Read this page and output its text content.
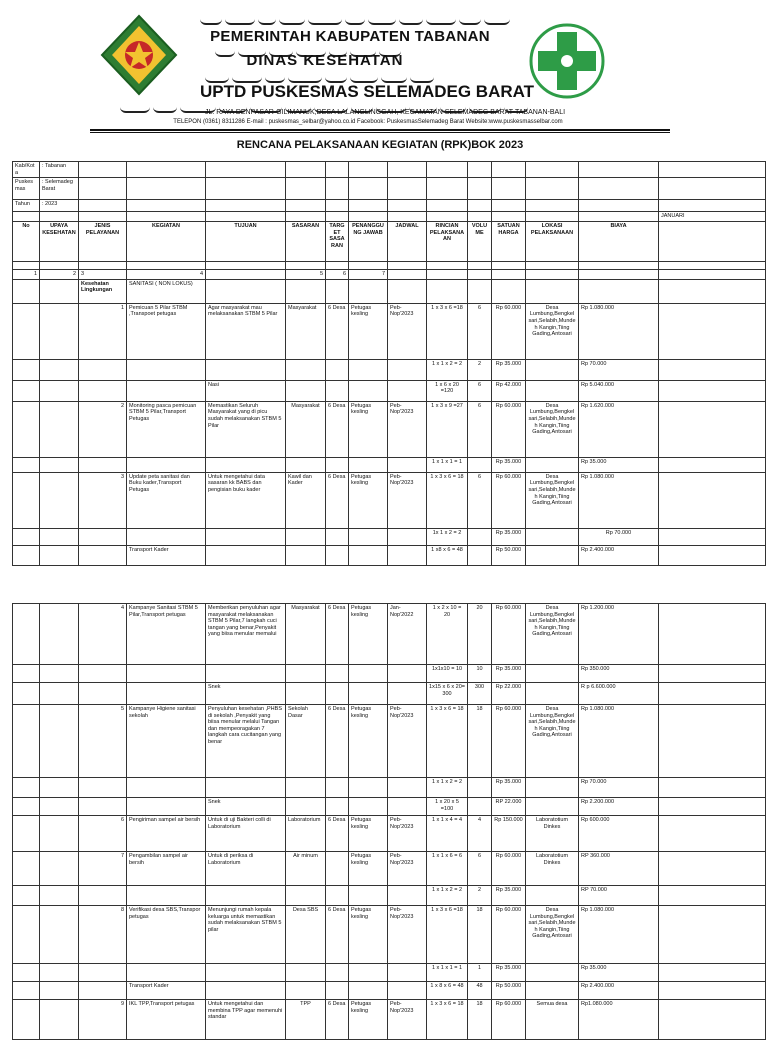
PEMERINTAH KABUPATEN TABANAN
DINAS KESEHATAN
UPTD PUSKESMAS SELEMADEG BARAT
JL. RAYA DENPASAR-GILIMANUK,DESA LALANGLINGGAH, KECAMATAN SELEMADEG BARAT-TABANAN-BALI
TELEPON (0361) 8311286 E-mail : puskesmas_selbar@yahoo.co.id Facebook: PuskesmasSelemadeg Barat Website:www.puskesmasselbar.com
RENCANA PELAKSANAAN KEGIATAN (RPK)BOK 2023
Kab/Kota	: Tabanan													
Puskesmas	: Selemadeg Barat													
Tahun	: 2023													
														JANUARI
No	UPAYA KESEHATAN	JENIS PELAYANAN	KEGIATAN	TUJUAN	SASARAN	TARGET SASARAN	PENANGGUNG JAWAB	JADWAL	RINCIAN PELAKSANAAN	VOLUME	SATUAN HARGA	LOKASI PELAKSANAAN	BIAYA	

1	2	3	4		5	6	7							
		Kesehatan Lingkungan	SANITASI ( NON LOKUS)											
		1	Pemicuan 5 Pilar STBM ,Transpoet petugas	Agar masyarakat mau melaksanakan STBM 5 Pilar	Masyarakat	6 Desa	Petugas kesling	Peb-Nop'2023	1 x 3 x 6 =18	6	Rp 60.000	Desa Lumbung,Bengkel sari,Selabih,Mundeh Kangin,Tiing Gading,Antosari	Rp 1.080.000	
									1 x 1 x 2 = 2	2	Rp 35.000		Rp 70.000	
				Nasi					1 x 6 x 20 =120	6	Rp 42.000		Rp 5.040.000	
		2	Monitoring pasca pemicuan STBM 5 Pilar,Transport Petugas	Memastikan Seluruh Masyarakat yang di picu sudah melaksanakan STBM 5 Pilar	Masyarakat	6 Desa	Petugas kesling	Peb-Nop'2023	1 x 3 x 9 =27	6	Rp 60.000	Desa Lumbung,Bengkel sari,Selabih,Mundeh Kangin,Tiing Gading,Antosari	Rp 1.620.000	
									1 x 1 x 1 = 1		Rp 35.000		Rp 35.000	
		3	Update peta sanitasi dan Buku kader,Transport Petugas	Untuk mengetahui data sasaran kk BABS dan pengisian buku kader	Kawil dan Kader	6 Desa	Petugas kesling	Peb-Nop'2023	1 x 3 x 6 = 18	6	Rp 60.000	Desa Lumbung,Bengkel sari,Selabih,Mundeh Kangin,Tiing Gading,Antosari	Rp 1.080.000	
									1x 1 x 2 = 2		Rp 35.000		Rp 70.000	
			Transport Kader						1 x8 x 6 = 48		Rp 50.000		Rp 2.400.000	
		4	Kampanye Sanitasi STBM 5 Pilar,Transport petugas	Memberikan penyuluhan agar masyarakat melaksanakan STBM 5 Pilar,7 langkah cuci tangan yang benar,Penyakit yang biisa menular memalui	Masyarakat	6 Desa	Petugas kesling	Jan-Nop'2022	1 x 2 x 10 = 20	20	Rp 60.000	Desa Lumbung,Bengkel sari,Selabih,Mundeh Kangin,Tiing Gading,Antosari	Rp 1.200.000	
									1x1x10 = 10	10	Rp 35.000		Rp 350.000	
				Snek					1x15 x 6 x 20= 300	300	Rp 22.000		R p 6.600.000	
		5	Kampanye Higiene sanitasi sekolah	Penyuluhan kesehatan ,PHBS di sekolah ,Penyakit yang biisa menular melalui Tangan dan mempeoragakan 7 langkah cara cucitangan yang benar	Sekolah Dasar	6 Desa	Petugas kesling	Peb-Nop'2023	1 x 3 x 6 = 18	18	Rp 60.000	Desa Lumbung,Bengkel sari,Selabih,Mundeh Kangin,Tiing Gading,Antosari	Rp 1.080.000	
									1 x 1 x 2 = 2		Rp 35.000		Rp 70.000	
				Snek					1 x 20 x 5 =100		RP 22.000		Rp 2.200.000	
		6	Pengiriman sampel air bersih	Untuk di uji Bakteri colli di Laboratorium	Laboratorium	6 Desa	Petugas kesling	Peb-Nop'2023	1 x 1 x 4 = 4	4	Rp 150.000	Laboratotium Dinkes	Rp 600.000	
		7	Pengambilan sampel air bersih	Untuk di periksa di Laboratorium	Air minum		Petugas kesling	Peb-Nop'2023	1 x 1 x 6 = 6	6	Rp 60.000	Laboratotium Dinkes	RP 360.000	
									1 x 1 x 2 = 2	2	Rp 35.000		RP 70.000	
		8	Verifikasi desa SBS,Transpor petugas	Menunjungi rumah kepala keluarga untuk memastikan sudah melaksanakan STBM 5 pilar	Desa SBS	6 Desa	Petugas kesling	Peb-Nop'2023	1 x 3 x 6 =18	18	Rp 60.000	Desa Lumbung,Bengkel sari,Selabih,Mundeh Kangin,Tiing Gading,Antosari	Rp 1.080.000	
									1 x 1 x 1 = 1	1	Rp 35.000		Rp 35.000	
			Transport Kader						1 x 8 x 6 = 48	48	Rp 50.000		Rp 2.400.000	
		9	IKL TPP,Transport petugas	Untuk mengetahui dan membina TPP agar memenuhi standar	TPP	6 Desa	Petugas kesling	Peb-Nop'2023	1 x 3 x 6 = 18	18	Rp 60.000	Semua desa	Rp1.080.000	
